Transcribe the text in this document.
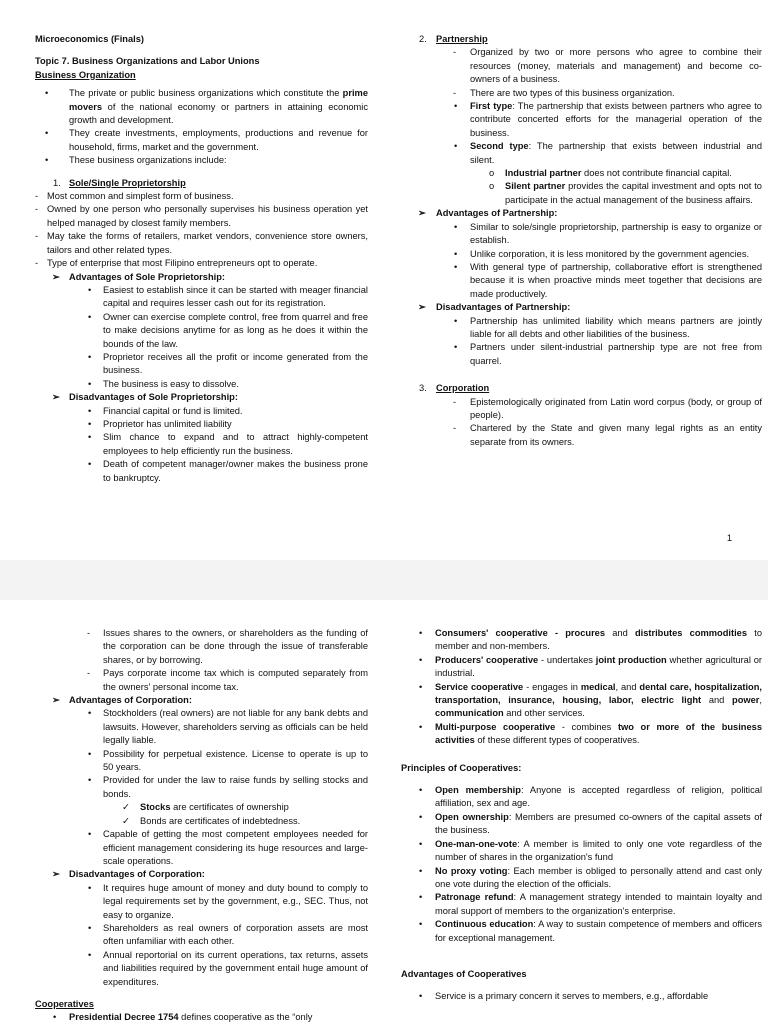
Microeconomics (Finals)
Topic 7. Business Organizations and Labor Unions
Business Organization
• The private or public business organizations which constitute the prime movers of the national economy or partners in attaining economic growth and development.
• They create investments, employments, productions and revenue for household, firms, market and the government.
• These business organizations include:
1. Sole/Single Proprietorship
- Most common and simplest form of business.
- Owned by one person who personally supervises his business operation yet helped managed by closest family members.
- May take the forms of retailers, market vendors, convenience store owners, tailors and other related types.
- Type of enterprise that most Filipino entrepreneurs opt to operate.
➢ Advantages of Sole Proprietorship:
• Easiest to establish since it can be started with meager financial capital and requires lesser cash out for its registration.
• Owner can exercise complete control, free from quarrel and free to make decisions anytime for as long as he does it within the bounds of the law.
• Proprietor receives all the profit or income generated from the business.
• The business is easy to dissolve.
➢ Disadvantages of Sole Proprietorship:
• Financial capital or fund is limited.
• Proprietor has unlimited liability
• Slim chance to expand and to attract highly-competent employees to help efficiently run the business.
• Death of competent manager/owner makes the business prone to bankruptcy.
2. Partnership
- Organized by two or more persons who agree to combine their resources (money, materials and management) and become co-owners of a business.
- There are two types of this business organization.
• First type: The partnership that exists between partners who agree to contribute concerted efforts for the managerial operation of the business.
• Second type: The partnership that exists between industrial and silent.
o Industrial partner does not contribute financial capital.
o Silent partner provides the capital investment and opts not to participate in the actual management of the business affairs.
➢ Advantages of Partnership:
• Similar to sole/single proprietorship, partnership is easy to organize or establish.
• Unlike corporation, it is less monitored by the government agencies.
• With general type of partnership, collaborative effort is strengthened because it is when proactive minds meet together that decisions are made productively.
➢ Disadvantages of Partnership:
• Partnership has unlimited liability which means partners are jointly liable for all debts and other liabilities of the business.
• Partners under silent-industrial partnership type are not free from quarrel.
3. Corporation
- Epistemologically originated from Latin word corpus (body, or group of people).
- Chartered by the State and given many legal rights as an entity separate from its owners.
1
- Issues shares to the owners, or shareholders as the funding of the corporation can be done through the issue of transferable shares, or by borrowing.
- Pays corporate income tax which is computed separately from the owners' personal income tax.
➢ Advantages of Corporation:
• Stockholders (real owners) are not liable for any bank debts and lawsuits. However, shareholders serving as officials can be held legally liable.
• Possibility for perpetual existence. License to operate is up to 50 years.
• Provided for under the law to raise funds by selling stocks and bonds.
✓ Stocks are certificates of ownership
✓ Bonds are certificates of indebtedness.
• Capable of getting the most competent employees needed for efficient management considering its huge resources and large-scale operations.
➢ Disadvantages of Corporation:
• It requires huge amount of money and duty bound to comply to legal requirements set by the government, e.g., SEC. Thus, not easy to organize.
• Shareholders as real owners of corporation assets are most often unfamiliar with each other.
• Annual reportorial on its current operations, tax returns, assets and liabilities required by the government entail huge amount of expenditures.
Cooperatives
• Presidential Decree 1754 defines cooperative as the “only
• Consumers' cooperative - procures and distributes commodities to member and non-members.
• Producers' cooperative - undertakes joint production whether agricultural or industrial.
• Service cooperative - engages in medical, and dental care, hospitalization, transportation, insurance, housing, labor, electric light and power, communication and other services.
• Multi-purpose cooperative - combines two or more of the business activities of these different types of cooperatives.
Principles of Cooperatives:
• Open membership: Anyone is accepted regardless of religion, political affiliation, sex and age.
• Open ownership: Members are presumed co-owners of the capital assets of the business.
• One-man-one-vote: A member is limited to only one vote regardless of the number of shares in the organization's fund
• No proxy voting: Each member is obliged to personally attend and cast only one vote during the election of the officials.
• Patronage refund: A management strategy intended to maintain loyalty and moral support of members to the organization's enterprise.
• Continuous education: A way to sustain competence of members and officers for exceptional management.
Advantages of Cooperatives
• Service is a primary concern it serves to members, e.g., affordable
